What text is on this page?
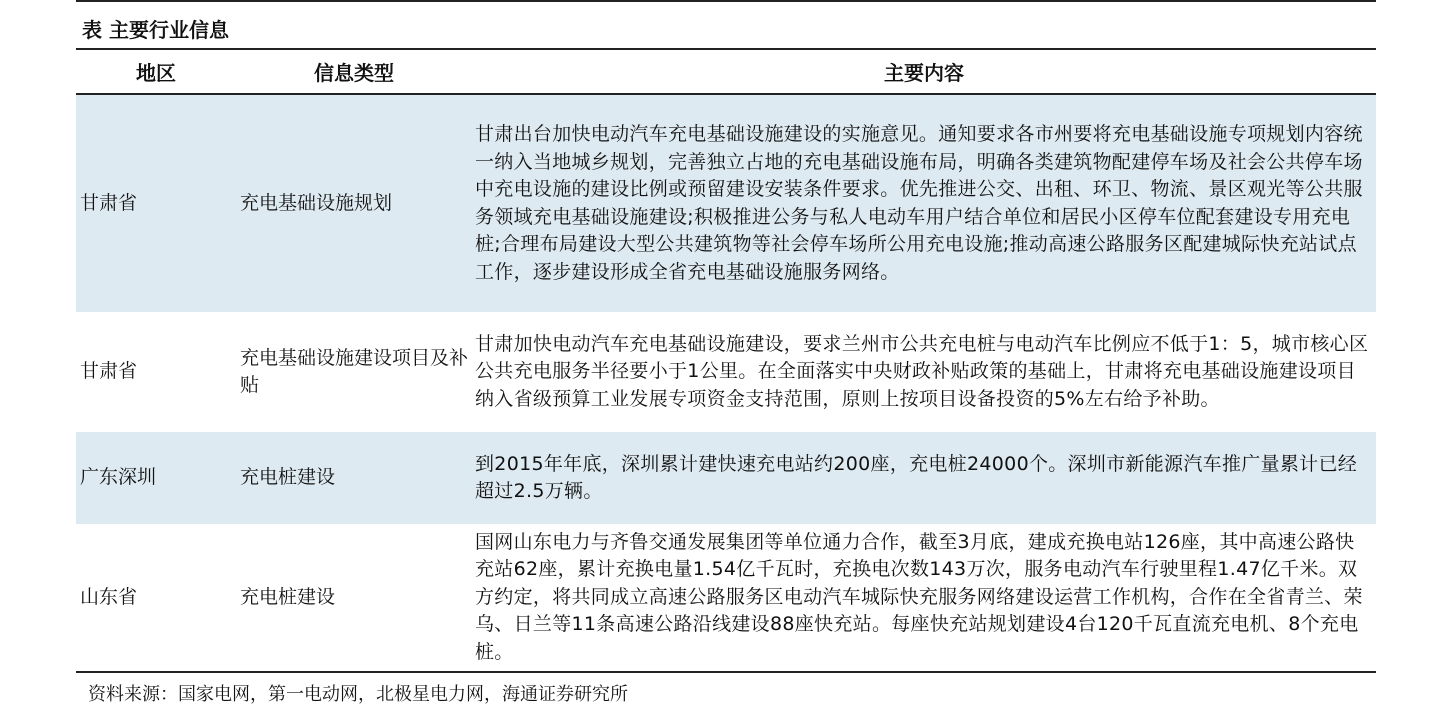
表 主要行业信息
地区	信息类型	主要内容
甘肃省	充电基础设施规划	甘肃出台加快电动汽车充电基础设施建设的实施意见。通知要求各市州要将充电基础设施专项规划内容统一纳入当地城乡规划，完善独立占地的充电基础设施布局，明确各类建筑物配建停车场及社会公共停车场中充电设施的建设比例或预留建设安装条件要求。优先推进公交、出租、环卫、物流、景区观光等公共服务领域充电基础设施建设;积极推进公务与私人电动车用户结合单位和居民小区停车位配套建设专用充电桩;合理布局建设大型公共建筑物等社会停车场所公用充电设施;推动高速公路服务区配建城际快充站试点工作，逐步建设形成全省充电基础设施服务网络。
甘肃省	充电基础设施建设项目及补贴	甘肃加快电动汽车充电基础设施建设，要求兰州市公共充电桩与电动汽车比例应不低于1：5，城市核心区公共充电服务半径要小于1公里。在全面落实中央财政补贴政策的基础上，甘肃将充电基础设施建设项目纳入省级预算工业发展专项资金支持范围，原则上按项目设备投资的5%左右给予补助。
广东深圳	充电桩建设	到2015年年底，深圳累计建快速充电站约200座，充电桩24000个。深圳市新能源汽车推广量累计已经超过2.5万辆。
山东省	充电桩建设	国网山东电力与齐鲁交通发展集团等单位通力合作，截至3月底，建成充换电站126座，其中高速公路快充站62座，累计充换电量1.54亿千瓦时，充换电次数143万次，服务电动汽车行驶里程1.47亿千米。双方约定，将共同成立高速公路服务区电动汽车城际快充服务网络建设运营工作机构，合作在全省青兰、荣乌、日兰等11条高速公路沿线建设88座快充站。每座快充站规划建设4台120千瓦直流充电机、8个充电桩。
资料来源：国家电网，第一电动网，北极星电力网，海通证券研究所
